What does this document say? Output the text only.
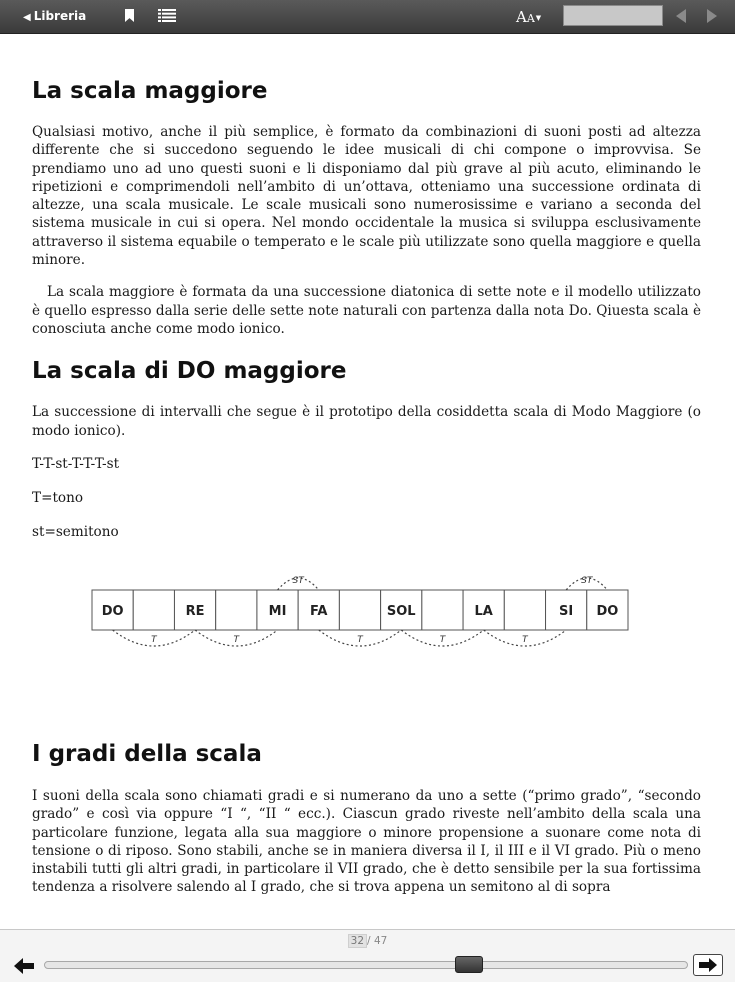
◀ Libreria	AA▼
La scala maggiore

Qualsiasi motivo, anche il più semplice, è formato da combinazioni di suoni posti ad altezza differente che si succedono seguendo le idee musicali di chi compone o improvvisa. Se prendiamo uno ad uno questi suoni e li disponiamo dal più grave al più acuto, eliminando le ripetizioni e comprimendoli nell’ambito di un’ottava, otteniamo una successione ordinata di altezze, una scala musicale. Le scale musicali sono numerosissime e variano a seconda del sistema musicale in cui si opera. Nel mondo occidentale la musica si sviluppa esclusivamente attraverso il sistema equabile o temperato e le scale più utilizzate sono quella maggiore e quella minore.

La scala maggiore è formata da una successione diatonica di sette note e il modello utilizzato è quello espresso dalla serie delle sette note naturali con partenza dalla nota Do. Qiuesta scala è conosciuta anche come modo ionico.

La scala di DO maggiore

La successione di intervalli che segue è il prototipo della cosiddetta scala di Modo Maggiore (o modo ionico).

T-T-st-T-T-T-st

T=tono

st=semitono

DO	RE	MI FA	SOL	LA	SI DO
T	T
ST
T	T	T
ST
I gradi della scala

I suoni della scala sono chiamati gradi e si numerano da uno a sette (“primo grado”, “secondo grado” e così via oppure “I “, “II “ ecc.). Ciascun grado riveste nell’ambito della scala una particolare funzione, legata alla sua maggiore o minore propensione a suonare come nota di tensione o di riposo. Sono stabili, anche se in maniera diversa il I, il III e il VI grado. Più o meno instabili tutti gli altri gradi, in particolare il VII grado, che è detto sensibile per la sua fortissima tendenza a risolvere salendo al I grado, che si trova appena un semitono al di sopra

32 / 47
